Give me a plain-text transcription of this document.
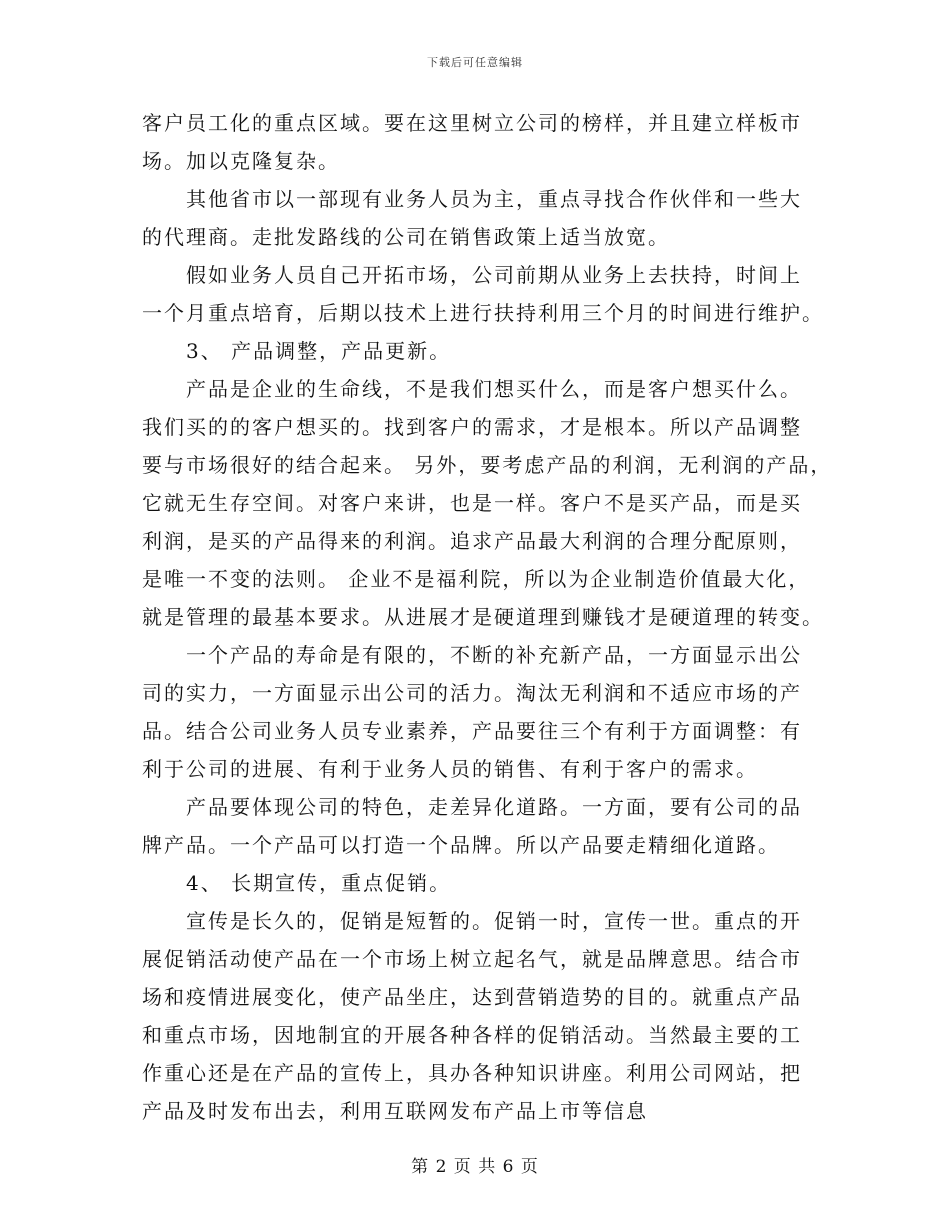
下载后可任意编辑
客户员工化的重点区域。要在这里树立公司的榜样，并且建立样板市
场。加以克隆复杂。
其他省市以一部现有业务人员为主，重点寻找合作伙伴和一些大
的代理商。走批发路线的公司在销售政策上适当放宽。
假如业务人员自己开拓市场，公司前期从业务上去扶持，时间上
一个月重点培育，后期以技术上进行扶持利用三个月的时间进行维护。
3、 产品调整，产品更新。
产品是企业的生命线，不是我们想买什么，而是客户想买什么。
我们买的的客户想买的。找到客户的需求，才是根本。所以产品调整
要与市场很好的结合起来。 另外，要考虑产品的利润，无利润的产品，
它就无生存空间。对客户来讲，也是一样。客户不是买产品，而是买
利润，是买的产品得来的利润。追求产品最大利润的合理分配原则，
是唯一不变的法则。 企业不是福利院，所以为企业制造价值最大化，
就是管理的最基本要求。从进展才是硬道理到赚钱才是硬道理的转变。
一个产品的寿命是有限的，不断的补充新产品，一方面显示出公
司的实力，一方面显示出公司的活力。淘汰无利润和不适应市场的产
品。结合公司业务人员专业素养，产品要往三个有利于方面调整：有
利于公司的进展、有利于业务人员的销售、有利于客户的需求。
产品要体现公司的特色，走差异化道路。一方面，要有公司的品
牌产品。一个产品可以打造一个品牌。所以产品要走精细化道路。
4、 长期宣传，重点促销。
宣传是长久的，促销是短暂的。促销一时，宣传一世。重点的开
展促销活动使产品在一个市场上树立起名气，就是品牌意思。结合市
场和疫情进展变化，使产品坐庄，达到营销造势的目的。就重点产品
和重点市场，因地制宜的开展各种各样的促销活动。当然最主要的工
作重心还是在产品的宣传上，具办各种知识讲座。利用公司网站，把
产品及时发布出去，利用互联网发布产品上市等信息
第 2 页 共 6 页
